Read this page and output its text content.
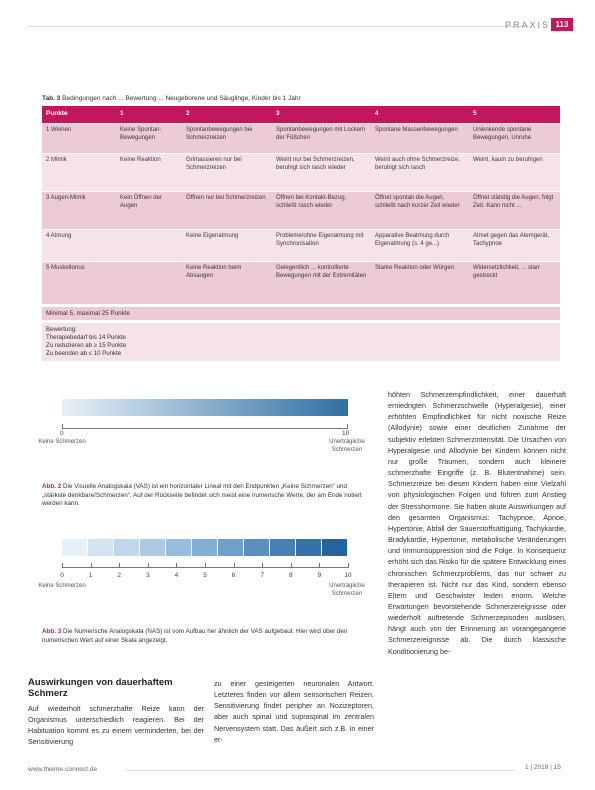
PRAXIS 113
Tab. 3 Bedingungen nach ... Bewertung ... Neugeborene und Säuglinge, Kinder bis 1 Jahr
Punkte	1	2	3	4	5
1 Weinen	Keine Spontan-Bewegungen	Spontanbewegungen bei Schmerzreizen	Spontanbewegungen mit Lockern der Füßchen	Spontane Massenbewegungen	Unlenkende spontane Bewegungen, Unruhe
2 Mimik	Keine Reaktion	Grimassieren nur bei Schmerzreizen	Weint nur bei Schmerzreizen, beruhigt sich rasch wieder	Weint auch ohne Schmerzreize, beruhigt sich rasch	Weint, kaum zu beruhigen
3 Augen-Mimik	Kein Öffnen der Augen	Öffnen nur bei Schmerzreizen	Öffnen bei Kontakt-Bezug, schließt rasch wieder	Öffnet spontan die Augen, schließt nach kurzer Zeit wieder	Öffnet ständig die Augen, folgt Zeit. Kann nicht ...
4 Atmung		Keine Eigenatmung	Probleme/ohne Eigenatmung mit Synchronisation	Apparative Beatmung durch Eigenatmung (s. 4 ge...)	Atmet gegen das Atemgerät, Tachypnoe
5 Muskeltonus		Keine Reaktion beim Absaugen	Gelegentlich ... kontrollierte Bewegungen mit der Extremitäten	Starke Reaktion oder Würgen	Widersetzlichkeit, ... starr gestreckt
Minimal 5, maximal 25 Punkte
Bewertung:
Therapiebedarf bis 14 Punkte
Zu reduzieren ab ≥ 15 Punkte
Zu beenden ab ≤ 10 Punkte
0	10
Keine Schmerzen	Unerträgliche Schmerzen
Abb. 2 Die Visuelle Analogskala (VAS) ist ein horizontaler Lineal mit den Endpunkten „Keine Schmerzen“ und „stärkste denkbare/Schmerzen“. Auf der Rückseite befindet sich meist eine numerische Werte, der am Ende notiert werden kann.
0	1	2	3	4	5	6	7	8	9	10
Keine Schmerzen	Unerträgliche Schmerzen
Abb. 3 Die Numerische Analogskala (NAS) ist vom Aufbau her ähnlich der VAS aufgebaut. Hier wird über den numerischen Wert auf einer Skala angezeigt.
Auswirkungen von dauerhaftem Schmerz
Auf wiederholt schmerzhafte Reize kann der Organismus unterschiedlich reagieren. Bei der Habituation kommt es zu einem verminderten, bei der Sensitivierung
zu einer gesteigerten neuronalen Antwort. Letzteres finden vor allem sensorischen Reizen. Sensitivierung findet peripher an Nozizeptoren, aber auch spinal und supraspinal im zentralen Nervensystem statt. Das äußert sich z.B. in einer er-
höhten Schmerzempfindlichkeit, einer dauerhaft erniedrigten Schmerzschwelle (Hyperalgesie), einer erhöhten Empfindlichkeit für nicht noxische Reize (Allodynie) sowie einer deutlichen Zunahme der subjektiv erlebten Schmerzintensität. Die Ursachen von Hyperalgesie und Allodynie bei Kindern können nicht nur große Traumen, sondern auch kleinere schmerzhafte Eingriffe (z. B. Blutentnahme) sein. Schmerzreize bei diesen Kindern haben eine Vielzahl von physiologischen Folgen und führen zum Anstieg der Stresshormone. Sie haben akute Auswirkungen auf den gesamten Organismus: Tachypnoe, Apnoe, Hypertonie, Abfall der Sauerstoffsättigung, Tachykardie, Bradykardie, Hypertonie, metabolische Veränderungen und Immunsuppression sind die Folge. In Konsequenz erhöht sich das Risiko für die spätere Entwicklung eines chronischen Schmerzproblems, das nur schwer zu therapieren ist. Nicht nur das Kind, sondern ebenso Eltern und Geschwister leiden enorm. Welche Erwartungen bevorstehende Schmerzereignisse oder wiederholt auftretende Schmerzepisoden auslösen, hängt auch von der Erinnerung an vorangegangene Schmerzereignisse ab. Die durch klassische Konditionierung be-
www.thieme-connect.de	1 | 2019 | 15
